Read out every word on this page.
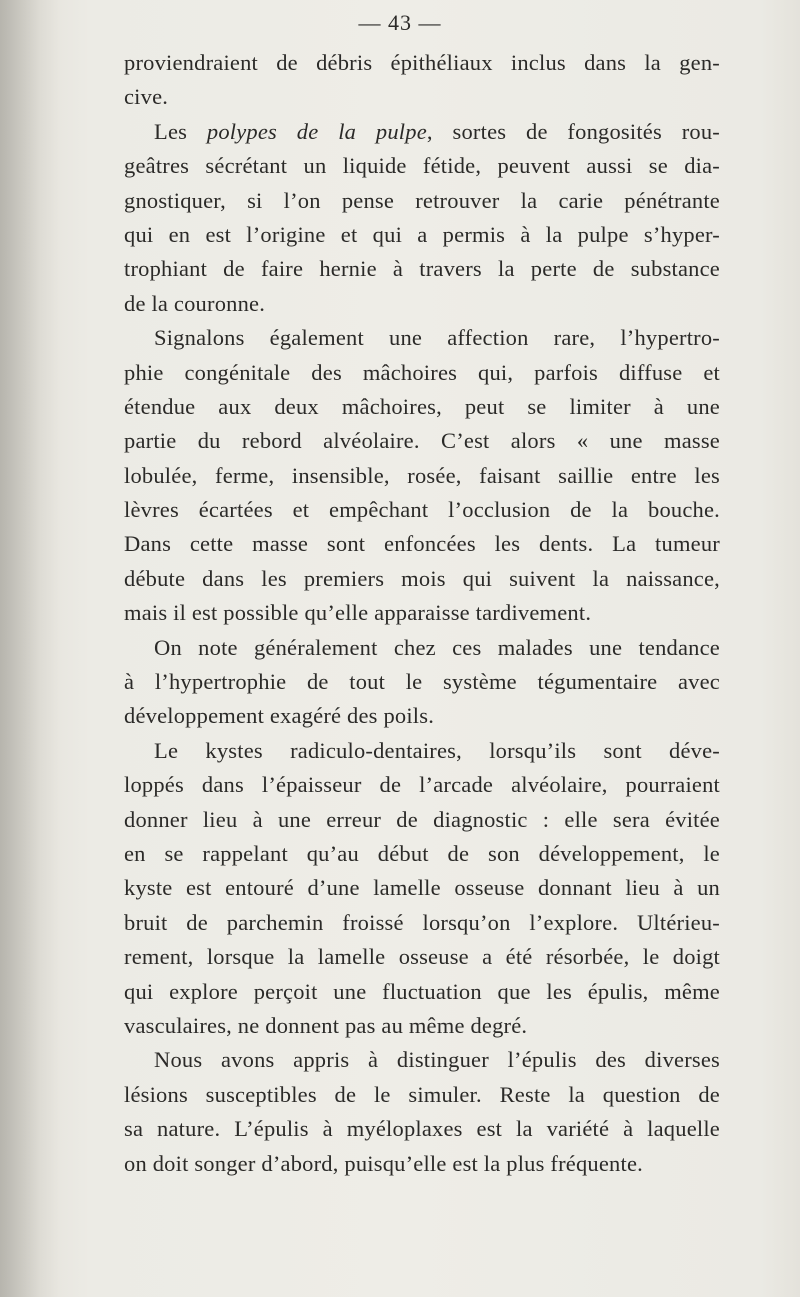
— 43 —
proviendraient de débris épithéliaux inclus dans la gen-
cive.
Les polypes de la pulpe, sortes de fongosités rou-
geâtres sécrétant un liquide fétide, peuvent aussi se dia-
gnostiquer, si l’on pense retrouver la carie pénétrante
qui en est l’origine et qui a permis à la pulpe s’hyper-
trophiant de faire hernie à travers la perte de substance
de la couronne.
Signalons également une affection rare, l’hypertro-
phie congénitale des mâchoires qui, parfois diffuse et
étendue aux deux mâchoires, peut se limiter à une
partie du rebord alvéolaire. C’est alors « une masse
lobulée, ferme, insensible, rosée, faisant saillie entre les
lèvres écartées et empêchant l’occlusion de la bouche.
Dans cette masse sont enfoncées les dents. La tumeur
débute dans les premiers mois qui suivent la naissance,
mais il est possible qu’elle apparaisse tardivement.
On note généralement chez ces malades une tendance
à l’hypertrophie de tout le système tégumentaire avec
développement exagéré des poils.
Le kystes radiculo-dentaires, lorsqu’ils sont déve-
loppés dans l’épaisseur de l’arcade alvéolaire, pourraient
donner lieu à une erreur de diagnostic : elle sera évitée
en se rappelant qu’au début de son développement, le
kyste est entouré d’une lamelle osseuse donnant lieu à un
bruit de parchemin froissé lorsqu’on l’explore. Ultérieu-
rement, lorsque la lamelle osseuse a été résorbée, le doigt
qui explore perçoit une fluctuation que les épulis, même
vasculaires, ne donnent pas au même degré.
Nous avons appris à distinguer l’épulis des diverses
lésions susceptibles de le simuler. Reste la question de
sa nature. L’épulis à myéloplaxes est la variété à laquelle
on doit songer d’abord, puisqu’elle est la plus fréquente.
